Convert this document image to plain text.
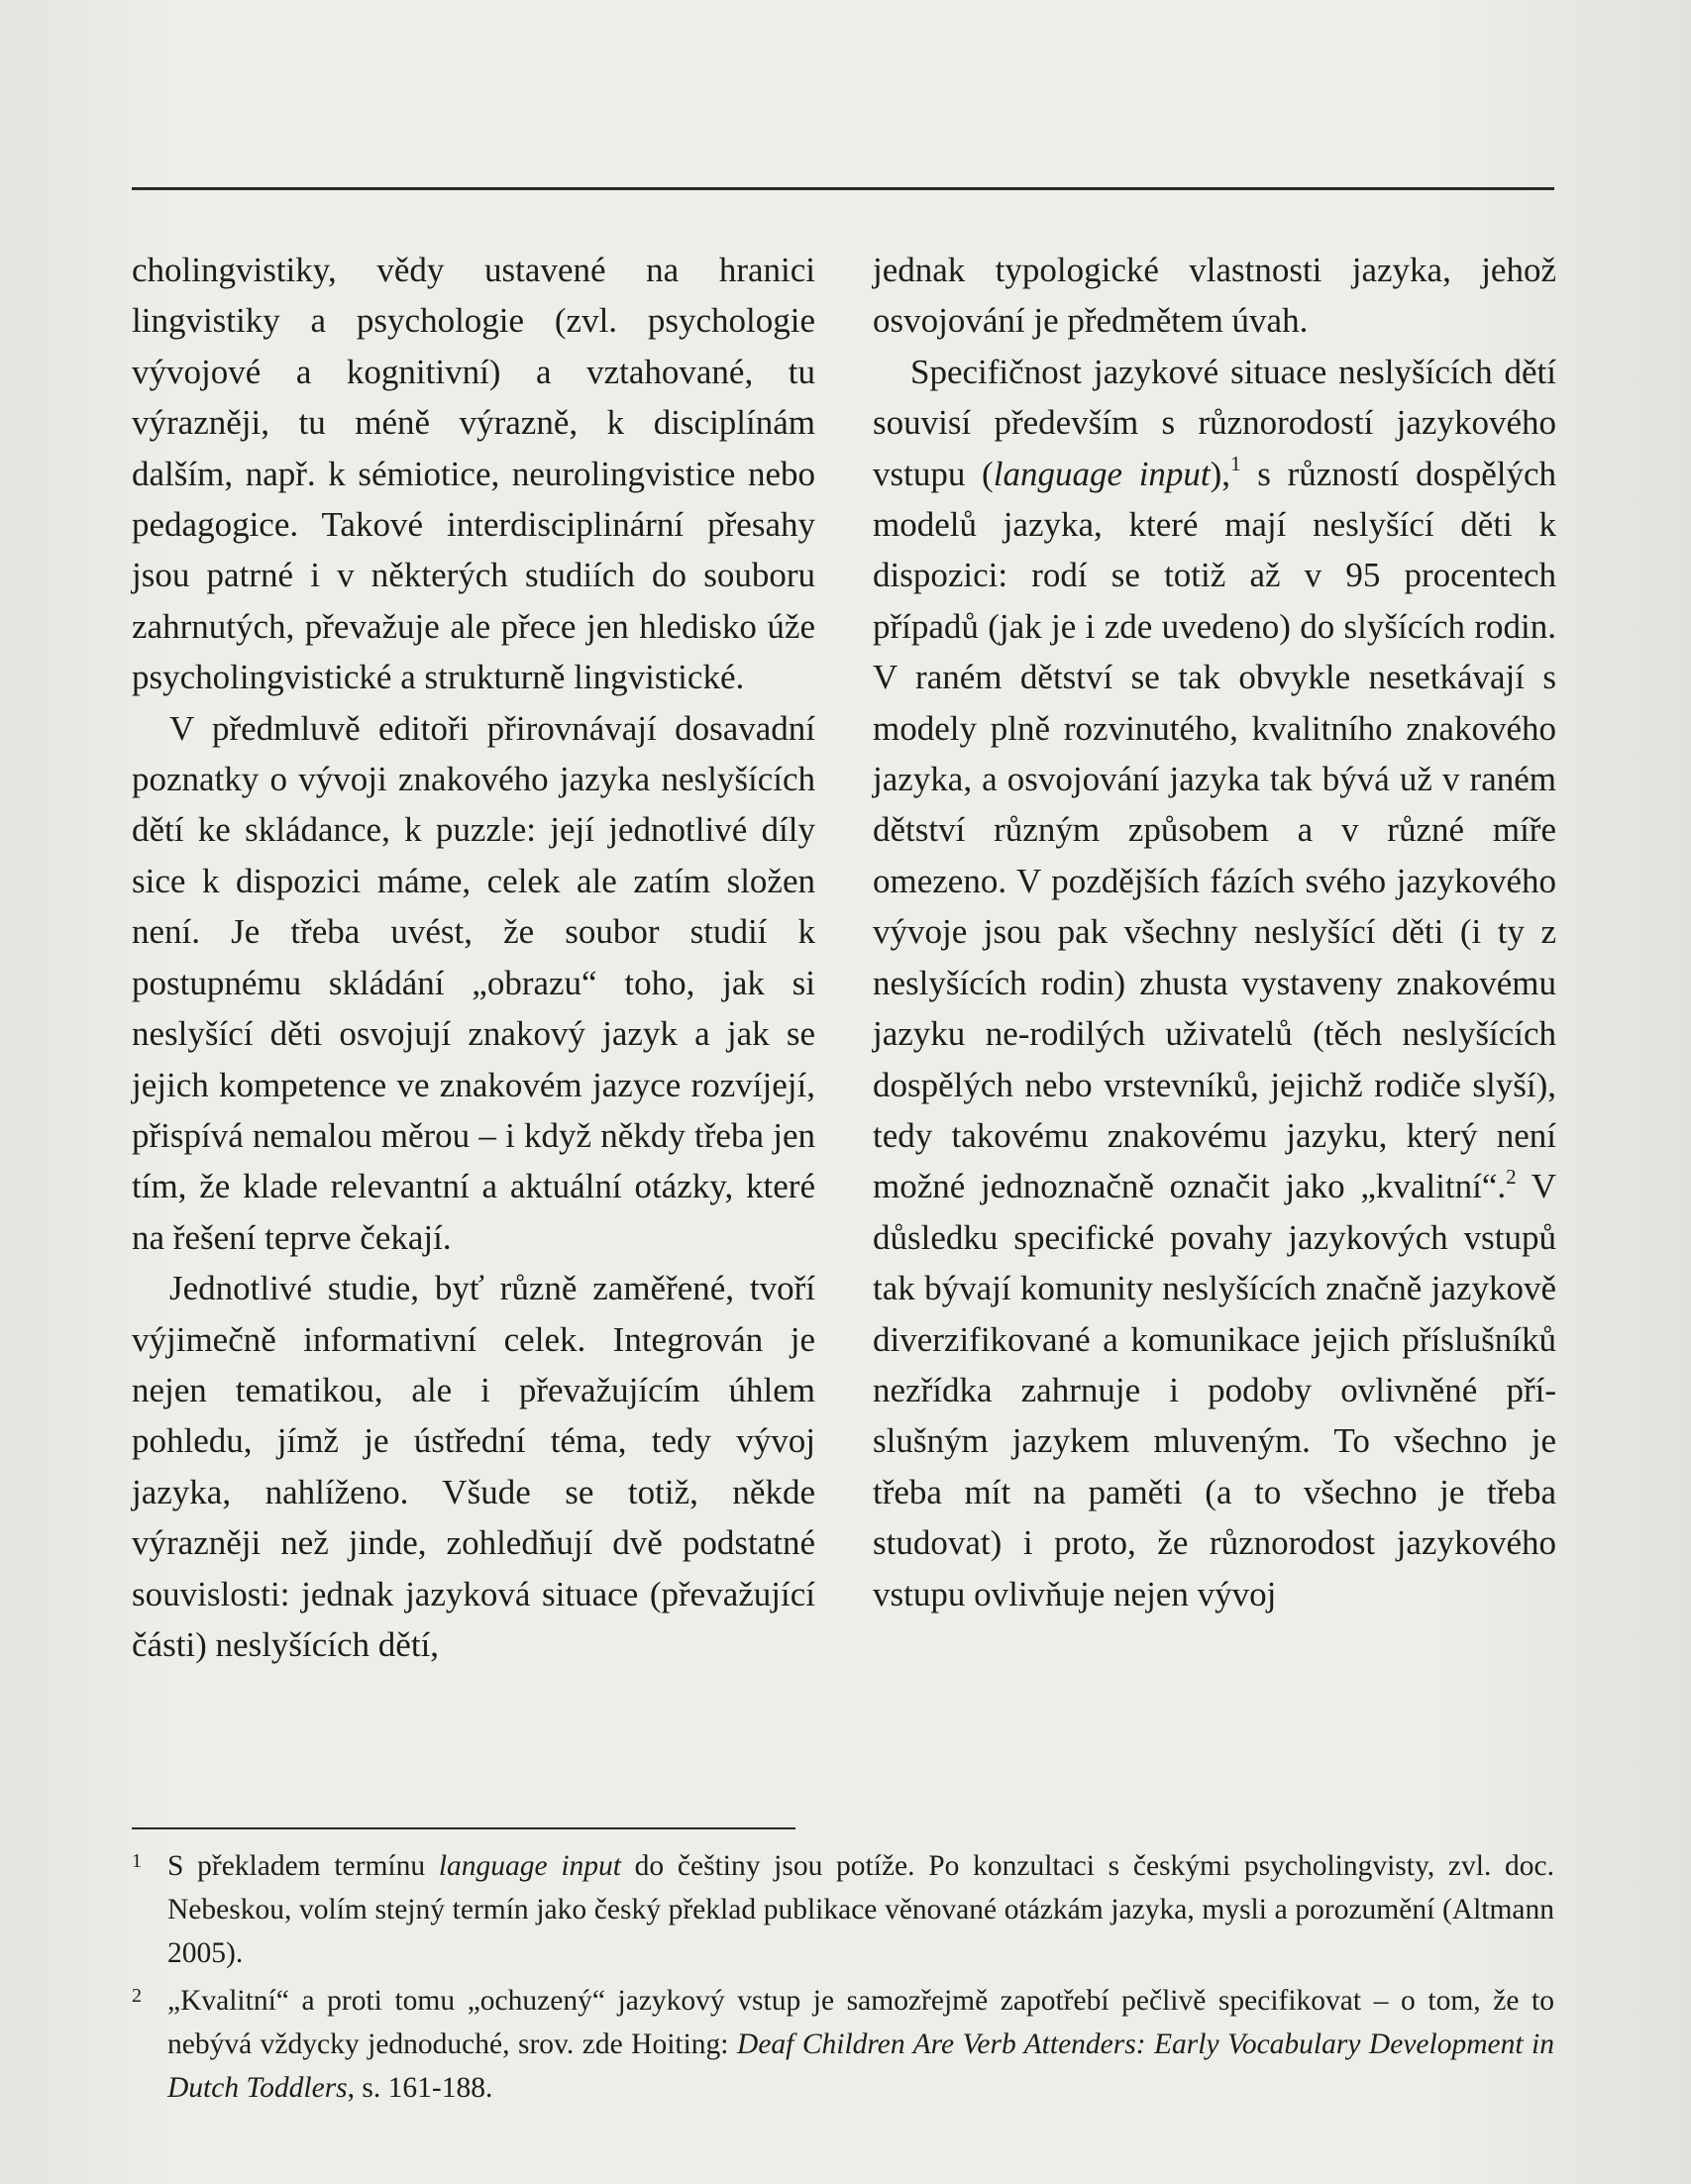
cholingvistiky, vědy ustavené na hranici lingvistiky a psychologie (zvl. psychologie vývojové a kognitivní) a vztahované, tu výrazněji, tu méně výrazně, k disciplínám dalším, např. k sémiotice, neurolingvistice nebo pedagogice. Takové interdisciplinární přesahy jsou patrné i v některých studiích do souboru zahrnutých, převažuje ale přece jen hledisko úže psycholingvistické a strukturně lingvistické.

V předmluvě editoři přirovnávají dosavadní poznatky o vývoji znakového jazyka neslyšících dětí ke skládance, k puzzle: její jednotlivé díly sice k dispozici máme, celek ale zatím složen není. Je třeba uvést, že soubor studií k postupnému skládání „obrazu“ toho, jak si neslyšící děti osvojují znakový jazyk a jak se jejich kompetence ve znakovém jazyce rozvíjejí, přispívá nemalou měrou – i když někdy třeba jen tím, že klade relevantní a aktuální otázky, které na řešení teprve čekají.

Jednotlivé studie, byť různě zaměřené, tvoří výjimečně informativní celek. Integrován je nejen tematikou, ale i převažujícím úhlem pohledu, jímž je ústřední téma, tedy vývoj jazyka, nahlíženo. Všude se totiž, někde výrazněji než jinde, zohledňují dvě podstatné souvislosti: jednak jazyková situace (převažující části) neslyšících dětí,

jednak typologické vlastnosti jazyka, jehož osvojování je předmětem úvah.

Specifičnost jazykové situace neslyšících dětí souvisí především s různorodostí jazykového vstupu (language input),$^1$ s růzností dospělých modelů jazyka, které mají neslyšící děti k dispozici: rodí se totiž až v 95 procentech případů (jak je i zde uvedeno) do slyšících rodin. V raném dětství se tak obvykle nesetkávají s modely plně rozvinutého, kvalitního znakového jazyka, a osvojování jazyka tak bývá už v raném dětství různým způsobem a v různé míře omezeno. V pozdějších fázích svého jazykového vývoje jsou pak všechny neslyšící děti (i ty z neslyšících rodin) zhusta vystaveny znakovému jazyku ne-rodilých uživatelů (těch neslyšících dospělých nebo vrstevníků, jejichž rodiče slyší), tedy takovému znakovému jazyku, který není možné jednoznačně označit jako „kvalitní“.$^2$ V důsledku specifické povahy jazykových vstupů tak bývají komunity neslyšících značně jazykově diverzifikované a komunikace jejich příslušníků nezřídka zahrnuje i podoby ovlivněné příslušným jazykem mluveným. To všechno je třeba mít na paměti (a to všechno je třeba studovat) i proto, že různorodost jazykového vstupu ovlivňuje nejen vývoj

1 S překladem termínu language input do češtiny jsou potíže. Po konzultaci s českými psycholingvisty, zvl. doc. Nebeskou, volím stejný termín jako český překlad publikace věnované otázkám jazyka, mysli a porozumění (Altmann 2005).

2 „Kvalitní“ a proti tomu „ochuzený“ jazykový vstup je samozřejmě zapotřebí pečlivě specifikovat – o tom, že to nebývá vždycky jednoduché, srov. zde Hoiting: Deaf Children Are Verb Attenders: Early Vocabulary Development in Dutch Toddlers, s. 161-188.
